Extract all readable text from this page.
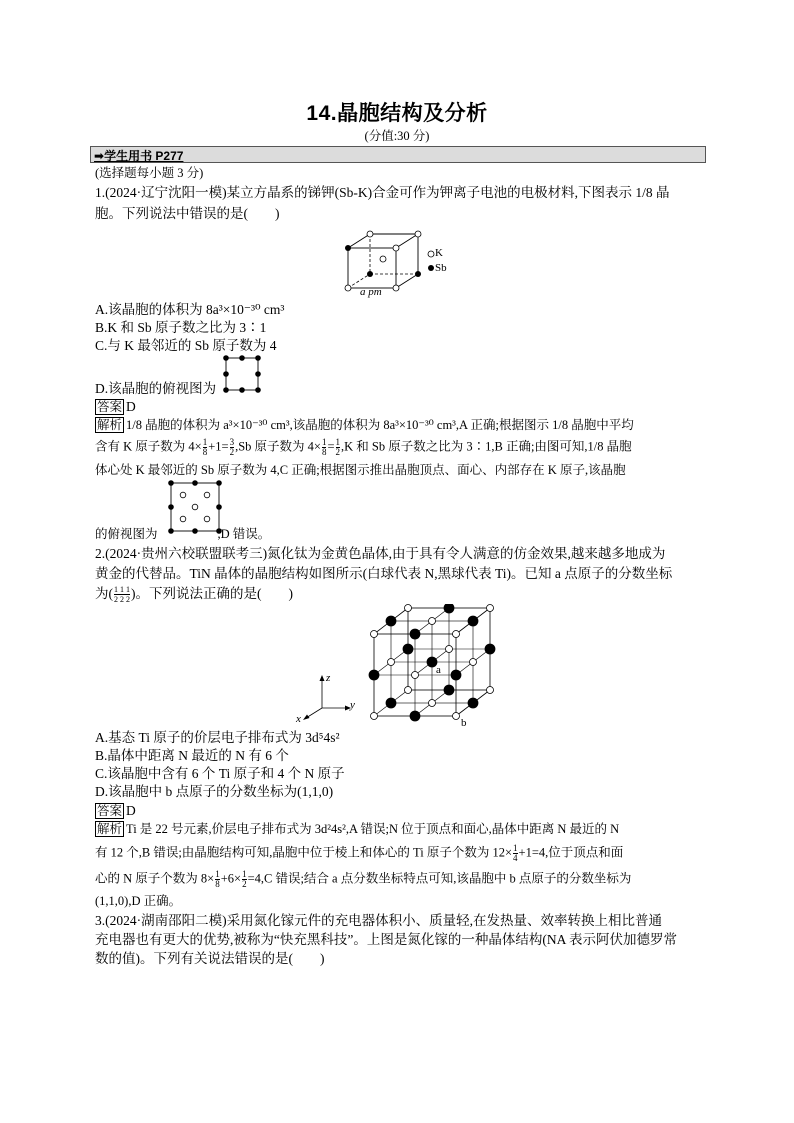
14.晶胞结构及分析
(分值:30 分)
➡学生用书 P277
(选择题每小题 3 分)
1.(2024·辽宁沈阳一模)某立方晶系的锑钾(Sb-K)合金可作为钾离子电池的电极材料,下图表示 1/8 晶
胞。下列说法中错误的是(　　)
K
Sb
a pm
A.该晶胞的体积为 8a³×10⁻³⁰ cm³
B.K 和 Sb 原子数之比为 3∶1
C.与 K 最邻近的 Sb 原子数为 4
D.该晶胞的俯视图为
答案 D
解析 1/8 晶胞的体积为 a³×10⁻³⁰ cm³,该晶胞的体积为 8a³×10⁻³⁰ cm³,A 正确;根据图示 1/8 晶胞中平均
含有 K 原子数为 $4\times \frac{1}{8} +1= \frac{3}{2} ,Sb$ 原子数为 $4\times \frac{1}{8} = \frac{1}{2} ,K$ 和 Sb 原子数之比为 3∶1,B 正确;由图可知,1/8 晶胞
体心处 K 最邻近的 Sb 原子数为 4,C 正确;根据图示推出晶胞顶点、面心、内部存在 K 原子,该晶胞
的俯视图为	,D 错误。
2.(2024·贵州六校联盟联考三)氮化钛为金黄色晶体,由于具有令人满意的仿金效果,越来越多地成为
黄金的代替品。TiN 晶体的晶胞结构如图所示(白球代表 N,黑球代表 Ti)。已知 a 点原子的分数坐标
为( $\frac{1 1 1}{2 2 2}$ )。下列说法正确的是(　　)
a
b
z
y
x
A.基态 Ti 原子的价层电子排布式为 3d⁵4s²
B.晶体中距离 N 最近的 N 有 6 个
C.该晶胞中含有 6 个 Ti 原子和 4 个 N 原子
D.该晶胞中 b 点原子的分数坐标为(1,1,0)
答案 D
解析 Ti 是 22 号元素,价层电子排布式为 3d²4s²,A 错误;N 位于顶点和面心,晶体中距离 N 最近的 N
有 12 个,B 错误;由晶胞结构可知,晶胞中位于棱上和体心的 Ti 原子个数为 $12\times \frac{1}{4} +1=4$,位于顶点和面
心的 N 原子个数为 $8\times \frac{1}{8} +6\times \frac{1}{2} =4,C$ 错误;结合 a 点分数坐标特点可知,该晶胞中 b 点原子的分数坐标为
(1,1,0),D 正确。
3.(2024·湖南邵阳二模)采用氮化镓元件的充电器体积小、质量轻,在发热量、效率转换上相比普通
充电器也有更大的优势,被称为“快充黑科技”。上图是氮化镓的一种晶体结构(NA 表示阿伏加德罗常
数的值)。下列有关说法错误的是(　　)
